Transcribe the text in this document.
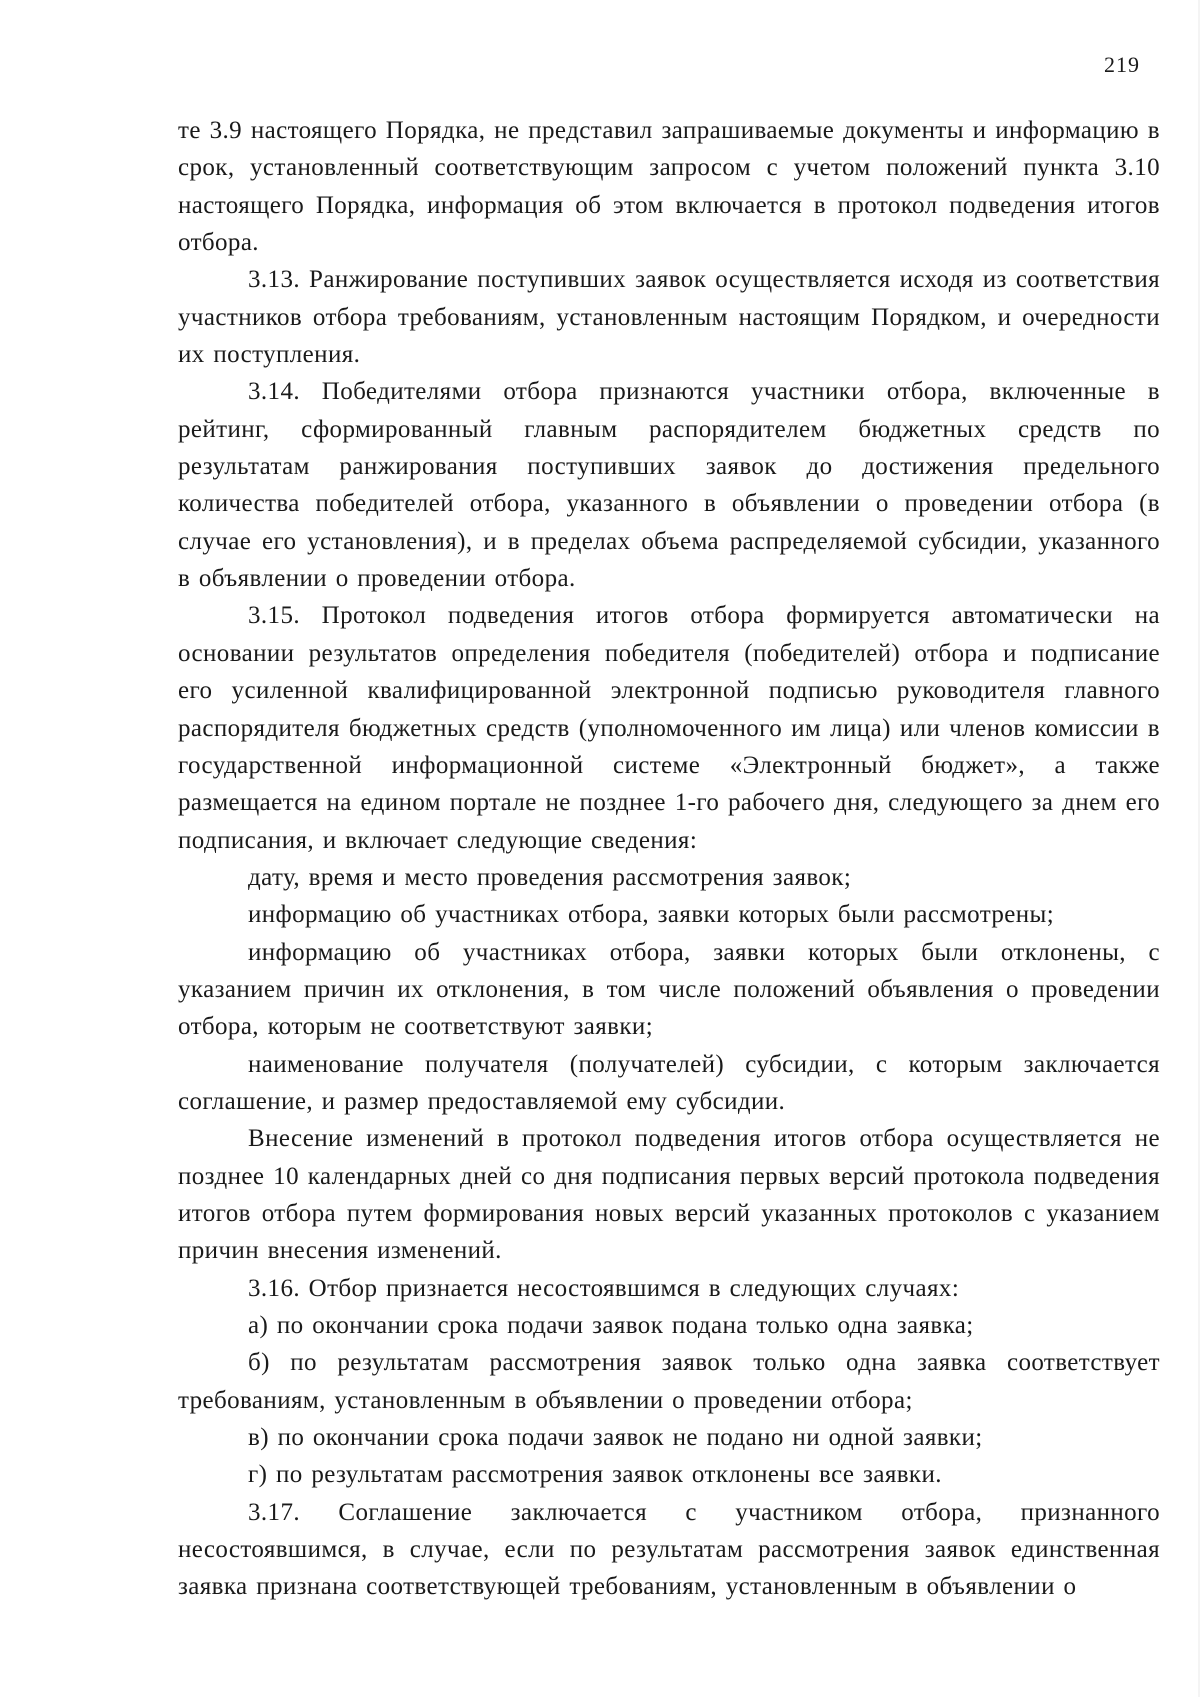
219

те 3.9 настоящего Порядка, не представил запрашиваемые документы и информацию в срок, установленный соответствующим запросом с учетом положений пункта 3.10 настоящего Порядка, информация об этом включается в протокол подведения итогов отбора.

3.13. Ранжирование поступивших заявок осуществляется исходя из соответствия участников отбора требованиям, установленным настоящим Порядком, и очередности их поступления.

3.14. Победителями отбора признаются участники отбора, включенные в рейтинг, сформированный главным распорядителем бюджетных средств по результатам ранжирования поступивших заявок до достижения предельного количества победителей отбора, указанного в объявлении о проведении отбора (в случае его установления), и в пределах объема распределяемой субсидии, указанного в объявлении о проведении отбора.

3.15. Протокол подведения итогов отбора формируется автоматически на основании результатов определения победителя (победителей) отбора и подписание его усиленной квалифицированной электронной подписью руководителя главного распорядителя бюджетных средств (уполномоченного им лица) или членов комиссии в государственной информационной системе «Электронный бюджет», а также размещается на едином портале не позднее 1-го рабочего дня, следующего за днем его подписания, и включает следующие сведения:

дату, время и место проведения рассмотрения заявок;

информацию об участниках отбора, заявки которых были рассмотрены;

информацию об участниках отбора, заявки которых были отклонены, с указанием причин их отклонения, в том числе положений объявления о проведении отбора, которым не соответствуют заявки;

наименование получателя (получателей) субсидии, с которым заключается соглашение, и размер предоставляемой ему субсидии.

Внесение изменений в протокол подведения итогов отбора осуществляется не позднее 10 календарных дней со дня подписания первых версий протокола подведения итогов отбора путем формирования новых версий указанных протоколов с указанием причин внесения изменений.

3.16. Отбор признается несостоявшимся в следующих случаях:

а) по окончании срока подачи заявок подана только одна заявка;

б) по результатам рассмотрения заявок только одна заявка соответствует требованиям, установленным в объявлении о проведении отбора;

в) по окончании срока подачи заявок не подано ни одной заявки;

г) по результатам рассмотрения заявок отклонены все заявки.

3.17. Соглашение заключается с участником отбора, признанного несостоявшимся, в случае, если по результатам рассмотрения заявок единственная заявка признана соответствующей требованиям, установленным в объявлении о
